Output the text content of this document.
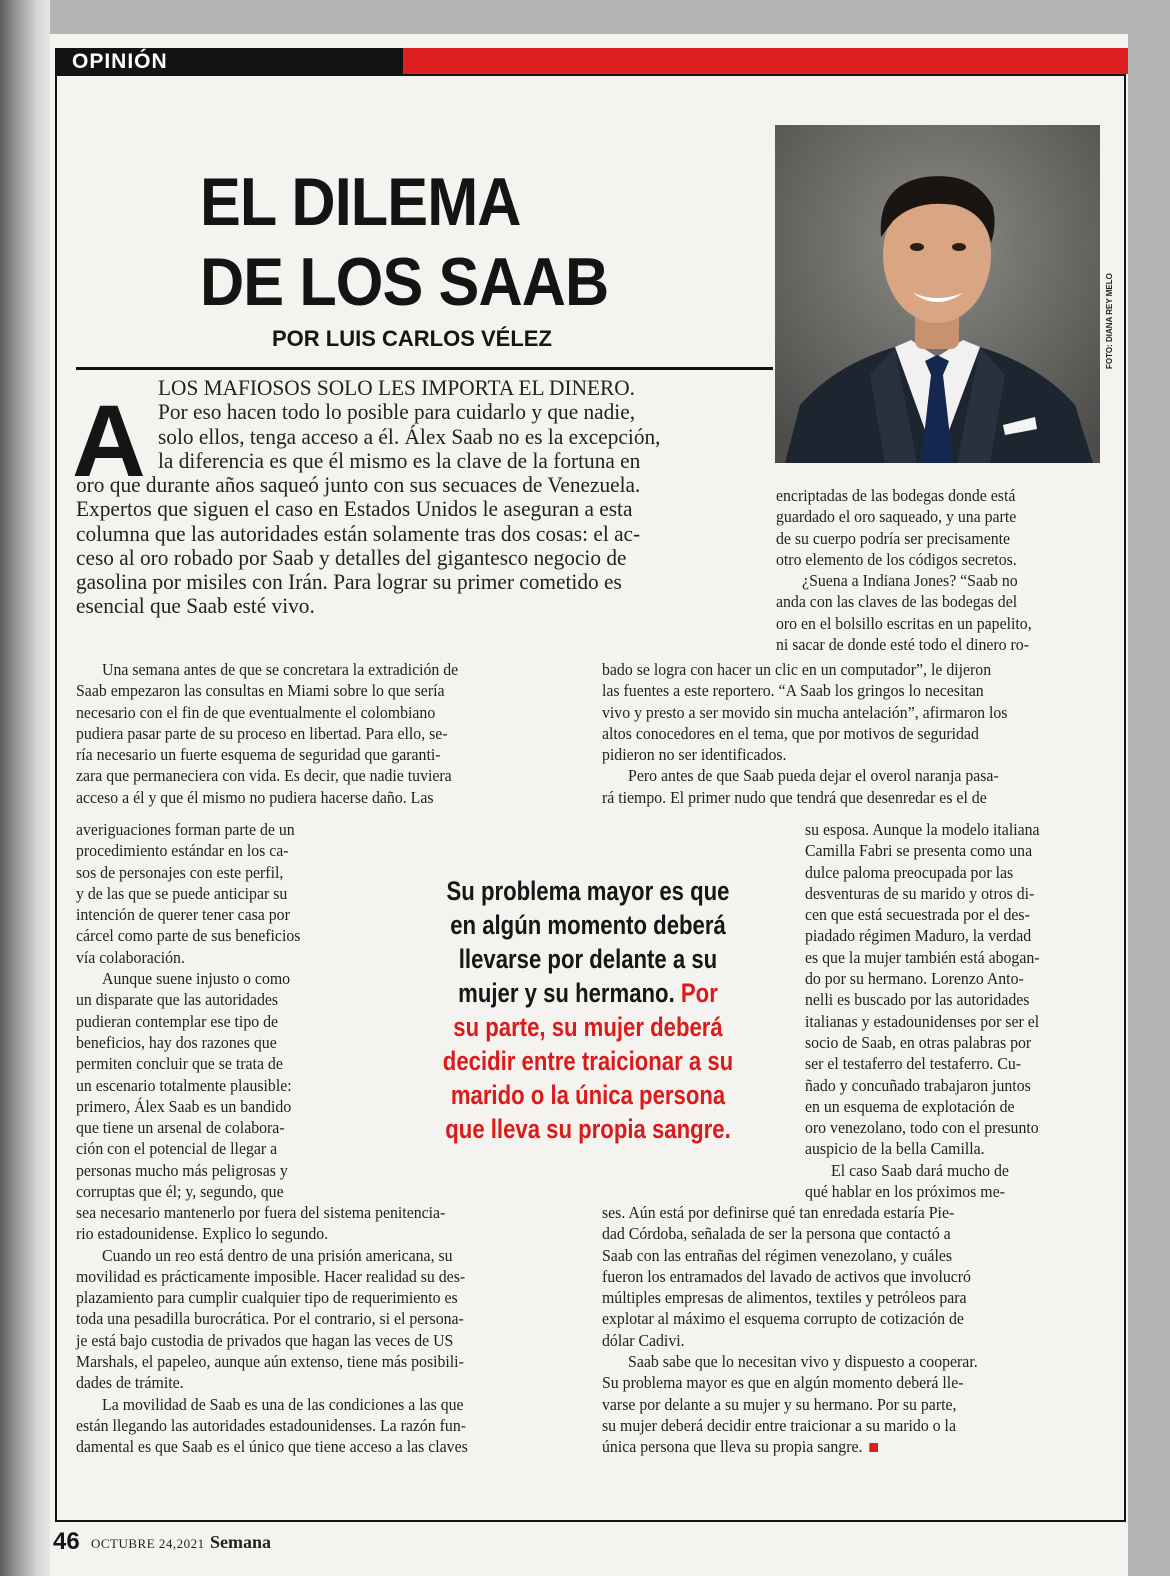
OPINIÓN
EL DILEMA
DE LOS SAAB
POR LUIS CARLOS VÉLEZ	FOTO: DIANA REY MELO
A LOS MAFIOSOS SOLO LES IMPORTA EL DINERO.
Por eso hacen todo lo posible para cuidarlo y que nadie,
solo ellos, tenga acceso a él. Álex Saab no es la excepción,
la diferencia es que él mismo es la clave de la fortuna en
oro que durante años saqueó junto con sus secuaces de Venezuela.
Expertos que siguen el caso en Estados Unidos le aseguran a esta
columna que las autoridades están solamente tras dos cosas: el ac-
ceso al oro robado por Saab y detalles del gigantesco negocio de
gasolina por misiles con Irán. Para lograr su primer cometido es
esencial que Saab esté vivo.
Una semana antes de que se concretara la extradición de
Saab empezaron las consultas en Miami sobre lo que sería
necesario con el fin de que eventualmente el colombiano
pudiera pasar parte de su proceso en libertad. Para ello, se-
ría necesario un fuerte esquema de seguridad que garanti-
zara que permaneciera con vida. Es decir, que nadie tuviera
acceso a él y que él mismo no pudiera hacerse daño. Las
averiguaciones forman parte de un
procedimiento estándar en los ca-
sos de personajes con este perfil,
y de las que se puede anticipar su
intención de querer tener casa por
cárcel como parte de sus beneficios
vía colaboración.
Aunque suene injusto o como
un disparate que las autoridades
pudieran contemplar ese tipo de
beneficios, hay dos razones que
permiten concluir que se trata de
un escenario totalmente plausible:
primero, Álex Saab es un bandido
que tiene un arsenal de colabora-
ción con el potencial de llegar a
personas mucho más peligrosas y
corruptas que él; y, segundo, que
sea necesario mantenerlo por fuera del sistema penitencia-
rio estadounidense. Explico lo segundo.
Cuando un reo está dentro de una prisión americana, su
movilidad es prácticamente imposible. Hacer realidad su des-
plazamiento para cumplir cualquier tipo de requerimiento es
toda una pesadilla burocrática. Por el contrario, si el persona-
je está bajo custodia de privados que hagan las veces de US
Marshals, el papeleo, aunque aún extenso, tiene más posibili-
dades de trámite.
La movilidad de Saab es una de las condiciones a las que
están llegando las autoridades estadounidenses. La razón fun-
damental es que Saab es el único que tiene acceso a las claves
encriptadas de las bodegas donde está
guardado el oro saqueado, y una parte
de su cuerpo podría ser precisamente
otro elemento de los códigos secretos.
¿Suena a Indiana Jones? “Saab no
anda con las claves de las bodegas del
oro en el bolsillo escritas en un papelito,
ni sacar de donde esté todo el dinero ro-
bado se logra con hacer un clic en un computador”, le dijeron
las fuentes a este reportero. “A Saab los gringos lo necesitan
vivo y presto a ser movido sin mucha antelación”, afirmaron los
altos conocedores en el tema, que por motivos de seguridad
pidieron no ser identificados.
Pero antes de que Saab pueda dejar el overol naranja pasa-
rá tiempo. El primer nudo que tendrá que desenredar es el de
su esposa. Aunque la modelo italiana
Camilla Fabri se presenta como una
dulce paloma preocupada por las
desventuras de su marido y otros di-
cen que está secuestrada por el des-
piadado régimen Maduro, la verdad
es que la mujer también está abogan-
do por su hermano. Lorenzo Anto-
nelli es buscado por las autoridades
italianas y estadounidenses por ser el
socio de Saab, en otras palabras por
ser el testaferro del testaferro. Cu-
ñado y concuñado trabajaron juntos
en un esquema de explotación de
oro venezolano, todo con el presunto
auspicio de la bella Camilla.
El caso Saab dará mucho de
qué hablar en los próximos me-
ses. Aún está por definirse qué tan enredada estaría Pie-
dad Córdoba, señalada de ser la persona que contactó a
Saab con las entrañas del régimen venezolano, y cuáles
fueron los entramados del lavado de activos que involucró
múltiples empresas de alimentos, textiles y petróleos para
explotar al máximo el esquema corrupto de cotización de
dólar Cadivi.
Saab sabe que lo necesitan vivo y dispuesto a cooperar.
Su problema mayor es que en algún momento deberá lle-
varse por delante a su mujer y su hermano. Por su parte,
su mujer deberá decidir entre traicionar a su marido o la
única persona que lleva su propia sangre.
Su problema mayor es que
en algún momento deberá
llevarse por delante a su
mujer y su hermano. Por
su parte, su mujer deberá
decidir entre traicionar a su
marido o la única persona
que lleva su propia sangre.
46 OCTUBRE 24,2021 Semana
